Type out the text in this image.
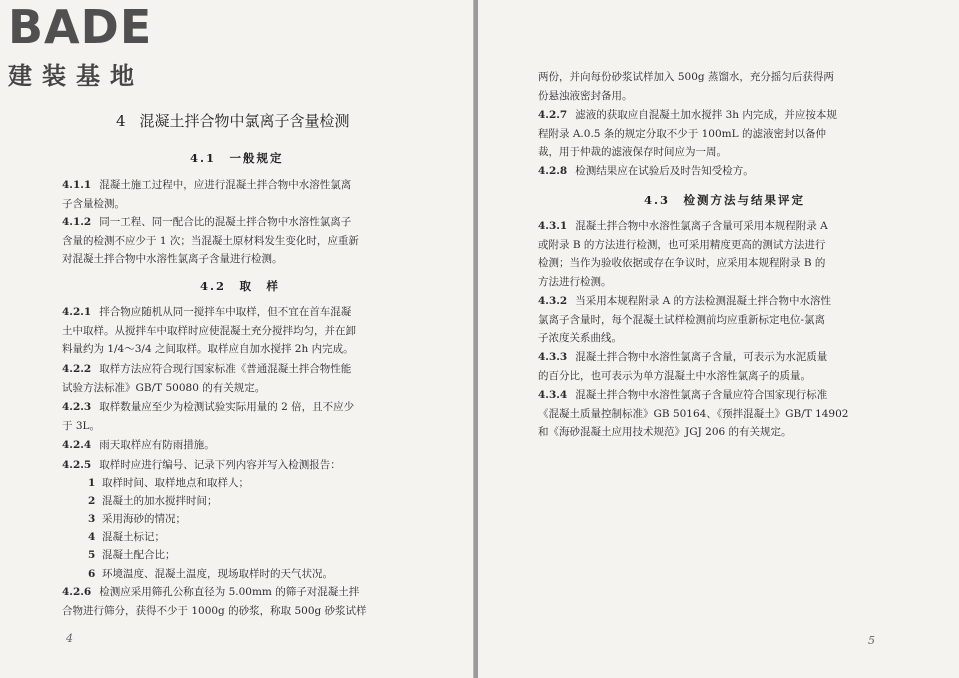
BADE
建装基地
4 混凝土拌合物中氯离子含量检测
4.1　一般规定
4.1.1 混凝土施工过程中，应进行混凝土拌合物中水溶性氯离
子含量检测。
4.1.2 同一工程、同一配合比的混凝土拌合物中水溶性氯离子
含量的检测不应少于 1 次；当混凝土原材料发生变化时，应重新
对混凝土拌合物中水溶性氯离子含量进行检测。
4.2　取　样
4.2.1 拌合物应随机从同一搅拌车中取样，但不宜在首车混凝
土中取样。从搅拌车中取样时应使混凝土充分搅拌均匀，并在卸
料量约为 1/4～3/4 之间取样。取样应自加水搅拌 2h 内完成。
4.2.2 取样方法应符合现行国家标准《普通混凝土拌合物性能
试验方法标准》GB/T 50080 的有关规定。
4.2.3 取样数量应至少为检测试验实际用量的 2 倍，且不应少
于 3L。
4.2.4 雨天取样应有防雨措施。
4.2.5 取样时应进行编号、记录下列内容并写入检测报告：
1 取样时间、取样地点和取样人；
2 混凝土的加水搅拌时间；
3 采用海砂的情况；
4 混凝土标记；
5 混凝土配合比；
6 环境温度、混凝土温度，现场取样时的天气状况。
4.2.6 检测应采用筛孔公称直径为 5.00mm 的筛子对混凝土拌
合物进行筛分，获得不少于 1000g 的砂浆，称取 500g 砂浆试样
4
两份，并向每份砂浆试样加入 500g 蒸馏水，充分摇匀后获得两
份悬浊液密封备用。
4.2.7 滤液的获取应自混凝土加水搅拌 3h 内完成，并应按本规
程附录 A.0.5 条的规定分取不少于 100mL 的滤液密封以备仲
裁，用于仲裁的滤液保存时间应为一周。
4.2.8 检测结果应在试验后及时告知受检方。
4.3　检测方法与结果评定
4.3.1 混凝土拌合物中水溶性氯离子含量可采用本规程附录 A
或附录 B 的方法进行检测，也可采用精度更高的测试方法进行
检测；当作为验收依据或存在争议时，应采用本规程附录 B 的
方法进行检测。
4.3.2 当采用本规程附录 A 的方法检测混凝土拌合物中水溶性
氯离子含量时，每个混凝土试样检测前均应重新标定电位-氯离
子浓度关系曲线。
4.3.3 混凝土拌合物中水溶性氯离子含量，可表示为水泥质量
的百分比，也可表示为单方混凝土中水溶性氯离子的质量。
4.3.4 混凝土拌合物中水溶性氯离子含量应符合国家现行标准
《混凝土质量控制标准》GB 50164、《预拌混凝土》GB/T 14902
和《海砂混凝土应用技术规范》JGJ 206 的有关规定。
5
